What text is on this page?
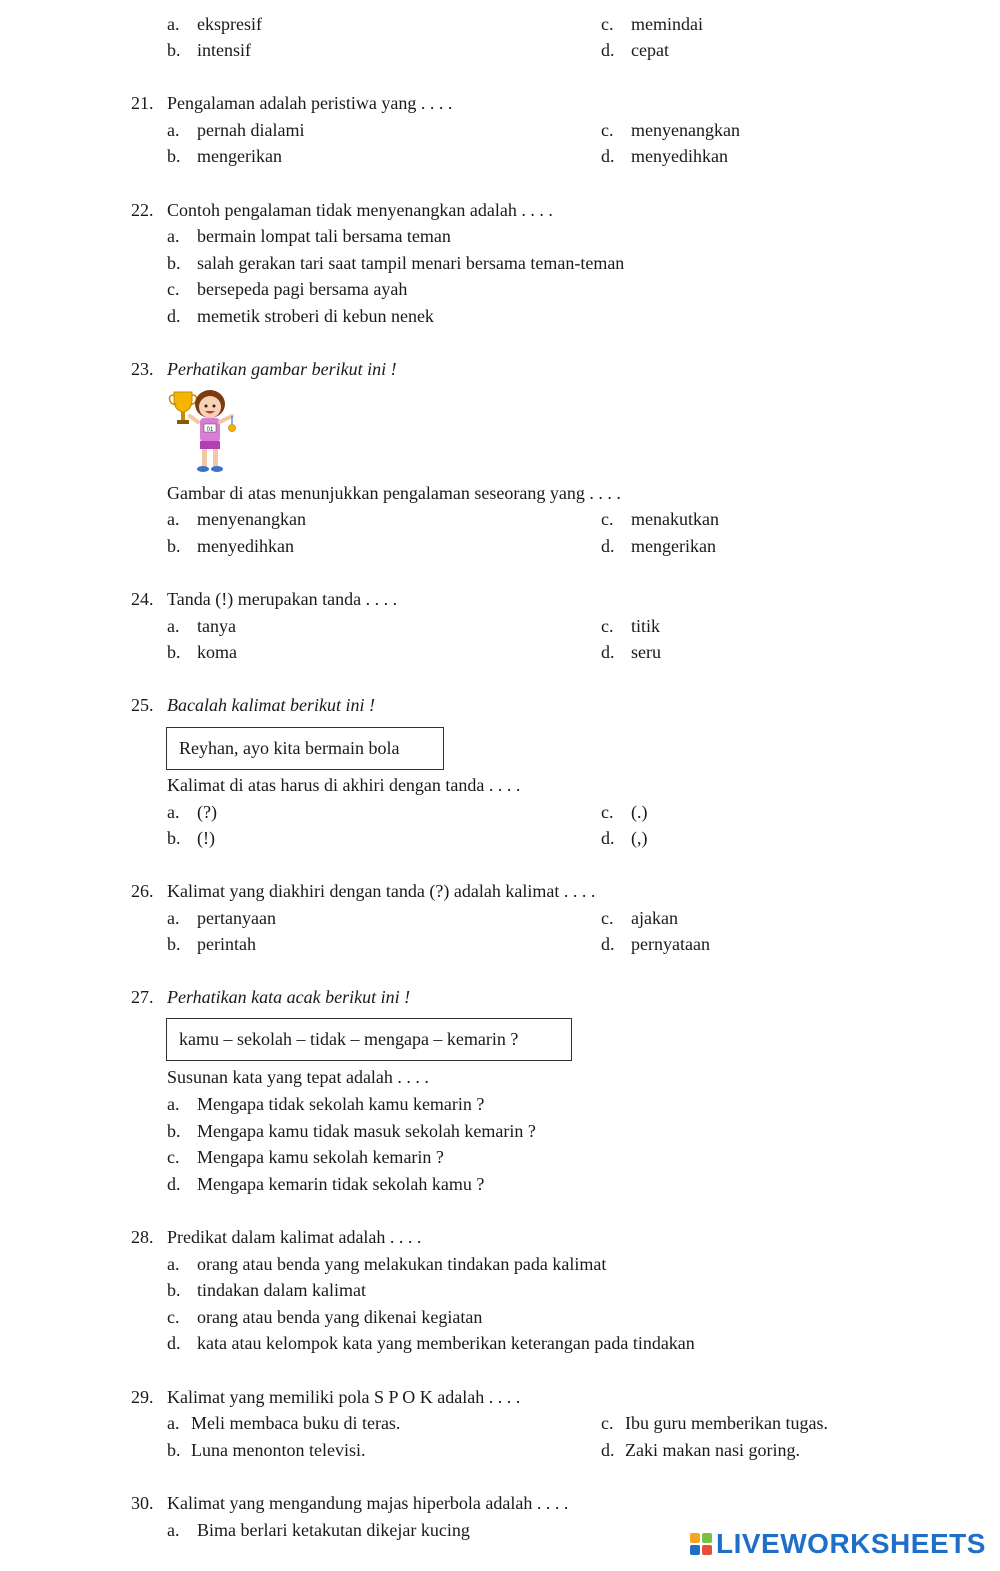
a. ekspresif
b. intensif
c. memindai
d. cepat
21. Pengalaman adalah peristiwa yang . . . .
a. pernah dialami
b. mengerikan
c. menyenangkan
d. menyedihkan
22. Contoh pengalaman tidak menyenangkan adalah . . . .
a. bermain lompat tali bersama teman
b. salah gerakan tari saat tampil menari bersama teman-teman
c. bersepeda pagi bersama ayah
d. memetik stroberi di kebun nenek
23. Perhatikan gambar berikut ini !
01
Gambar di atas menunjukkan pengalaman seseorang yang . . . .
a. menyenangkan
b. menyedihkan
c. menakutkan
d. mengerikan
24. Tanda (!) merupakan tanda . . . .
a. tanya
b. koma
c. titik
d. seru
25. Bacalah kalimat berikut ini !
Reyhan, ayo kita bermain bola
Kalimat di atas harus di akhiri dengan tanda . . . .
a. (?)
b. (!)
c. (.)
d. (,)
26. Kalimat yang diakhiri dengan tanda (?) adalah kalimat . . . .
a. pertanyaan
b. perintah
c. ajakan
d. pernyataan
27. Perhatikan kata acak berikut ini !
kamu – sekolah – tidak – mengapa – kemarin ?
Susunan kata yang tepat adalah . . . .
a. Mengapa tidak sekolah kamu kemarin ?
b. Mengapa kamu tidak masuk sekolah kemarin ?
c. Mengapa kamu sekolah kemarin ?
d. Mengapa kemarin tidak sekolah kamu ?
28. Predikat dalam kalimat adalah . . . .
a. orang atau benda yang melakukan tindakan pada kalimat
b. tindakan dalam kalimat
c. orang atau benda yang dikenai kegiatan
d. kata atau kelompok kata yang memberikan keterangan pada tindakan
29. Kalimat yang memiliki pola S P O K adalah . . . .
a. Meli membaca buku di teras.
b. Luna menonton televisi.
c. Ibu guru memberikan tugas.
d. Zaki makan nasi goring.
30. Kalimat yang mengandung majas hiperbola adalah . . . .
a. Bima berlari ketakutan dikejar kucing	LIVEWORKSHEETS
